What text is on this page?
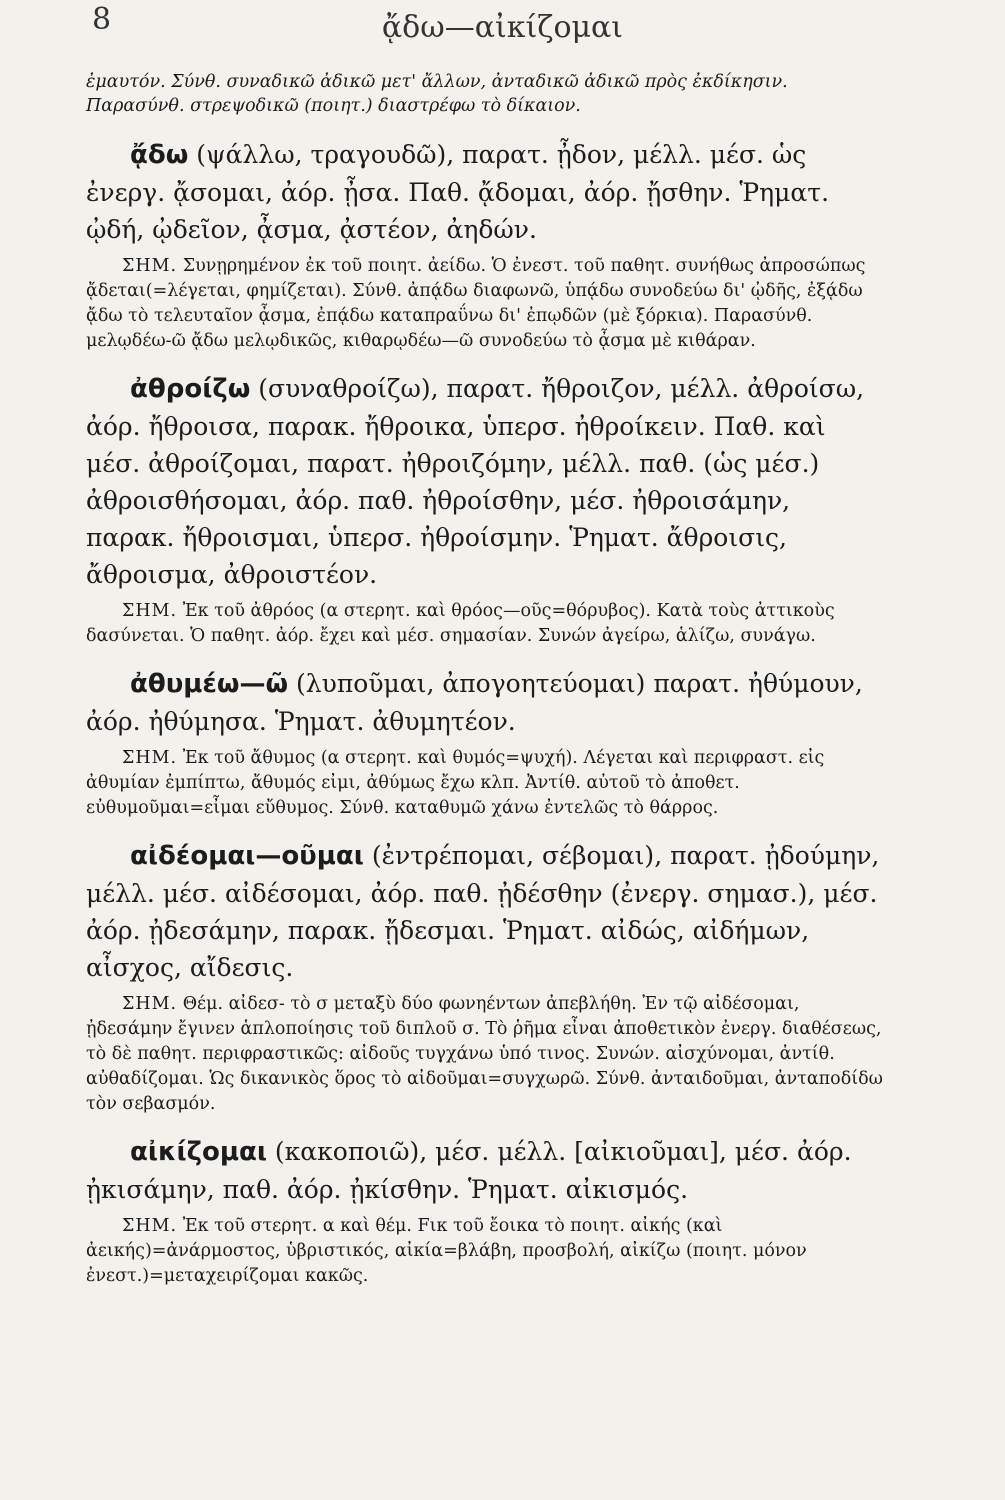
8	ᾄδω—αἰκίζομαι

ἐμαυτόν. Σύνθ. συναδικῶ ἀδικῶ μετ' ἄλλων, ἀνταδικῶ ἀδικῶ πρὸς ἐκδίκησιν. Παρασύνθ. στρεψοδικῶ (ποιητ.) διαστρέφω τὸ δίκαιον.

ᾄδω (ψάλλω, τραγουδῶ), παρατ. ᾖδον, μέλλ. μέσ. ὡς ἐνεργ. ᾄσομαι, ἀόρ. ᾖσα. Παθ. ᾄδομαι, ἀόρ. ᾔσθην. Ῥηματ. ᾠδή, ᾠδεῖον, ᾆσμα, ᾀστέον, ἀηδών.

ΣΗΜ. Συνῃρημένον ἐκ τοῦ ποιητ. ἀείδω. Ὁ ἐνεστ. τοῦ παθητ. συνήθως ἀπροσώπως ᾄδεται(=λέγεται, φημίζεται). Σύνθ. ἀπᾴδω διαφωνῶ, ὑπᾴδω συνοδεύω δι' ᾠδῆς, ἐξᾴδω ᾄδω τὸ τελευταῖον ᾆσμα, ἐπᾴδω καταπραΰνω δι' ἐπῳδῶν (μὲ ξόρκια). Παρασύνθ. μελῳδέω-ῶ ᾄδω μελῳδικῶς, κιθαρῳδέω—ῶ συνοδεύω τὸ ᾆσμα μὲ κιθάραν.

ἀθροίζω (συναθροίζω), παρατ. ἤθροιζον, μέλλ. ἀθροίσω, ἀόρ. ἤθροισα, παρακ. ἤθροικα, ὑπερσ. ἠθροίκειν. Παθ. καὶ μέσ. ἀθροίζομαι, παρατ. ἠθροιζόμην, μέλλ. παθ. (ὡς μέσ.) ἀθροισθήσομαι, ἀόρ. παθ. ἠθροίσθην, μέσ. ἠθροισάμην, παρακ. ἤθροισμαι, ὑπερσ. ἠθροίσμην. Ῥηματ. ἄθροισις, ἄθροισμα, ἀθροιστέον.

ΣΗΜ. Ἐκ τοῦ ἀθρόος (α στερητ. καὶ θρόος—οῦς=θόρυβος). Κατὰ τοὺς ἀττικοὺς δασύνεται. Ὁ παθητ. ἀόρ. ἔχει καὶ μέσ. σημασίαν. Συνών ἀγείρω, ἁλίζω, συνάγω.

ἀθυμέω—ῶ (λυποῦμαι, ἀπογοητεύομαι) παρατ. ἠθύμουν, ἀόρ. ἠθύμησα. Ῥηματ. ἀθυμητέον.

ΣΗΜ. Ἐκ τοῦ ἄθυμος (α στερητ. καὶ θυμός=ψυχή). Λέγεται καὶ περιφραστ. εἰς ἀθυμίαν ἐμπίπτω, ἄθυμός εἰμι, ἀθύμως ἔχω κλπ. Ἀντίθ. αὐτοῦ τὸ ἀποθετ. εὐθυμοῦμαι=εἶμαι εὔθυμος. Σύνθ. καταθυμῶ χάνω ἐντελῶς τὸ θάρρος.

αἰδέομαι—οῦμαι (ἐντρέπομαι, σέβομαι), παρατ. ᾐδούμην, μέλλ. μέσ. αἰδέσομαι, ἀόρ. παθ. ᾐδέσθην (ἐνεργ. σημασ.), μέσ. ἀόρ. ᾐδεσάμην, παρακ. ᾔδεσμαι. Ῥηματ. αἰδώς, αἰδήμων, αἶσχος, αἴδεσις.

ΣΗΜ. Θέμ. αἰδεσ- τὸ σ μεταξὺ δύο φωνηέντων ἀπεβλήθη. Ἐν τῷ αἰδέσομαι, ᾐδεσάμην ἔγινεν ἁπλοποίησις τοῦ διπλοῦ σ. Τὸ ῥῆμα εἶναι ἀποθετικὸν ἐνεργ. διαθέσεως, τὸ δὲ παθητ. περιφραστικῶς: αἰδοῦς τυγχάνω ὑπό τινος. Συνών. αἰσχύνομαι, ἀντίθ. αὐθαδίζομαι. Ὡς δικανικὸς ὅρος τὸ αἰδοῦμαι=συγχωρῶ. Σύνθ. ἀνταιδοῦμαι, ἀνταποδίδω τὸν σεβασμόν.

αἰκίζομαι (κακοποιῶ), μέσ. μέλλ. [αἰκιοῦμαι], μέσ. ἀόρ. ᾐκισάμην, παθ. ἀόρ. ᾐκίσθην. Ῥηματ. αἰκισμός.

ΣΗΜ. Ἐκ τοῦ στερητ. α καὶ θέμ. Fικ τοῦ ἔοικα τὸ ποιητ. αἰκής (καὶ ἀεικής)=ἀνάρμοστος, ὑβριστικός, αἰκία=βλάβη, προσβολή, αἰκίζω (ποιητ. μόνον ἐνεστ.)=μεταχειρίζομαι κακῶς.
